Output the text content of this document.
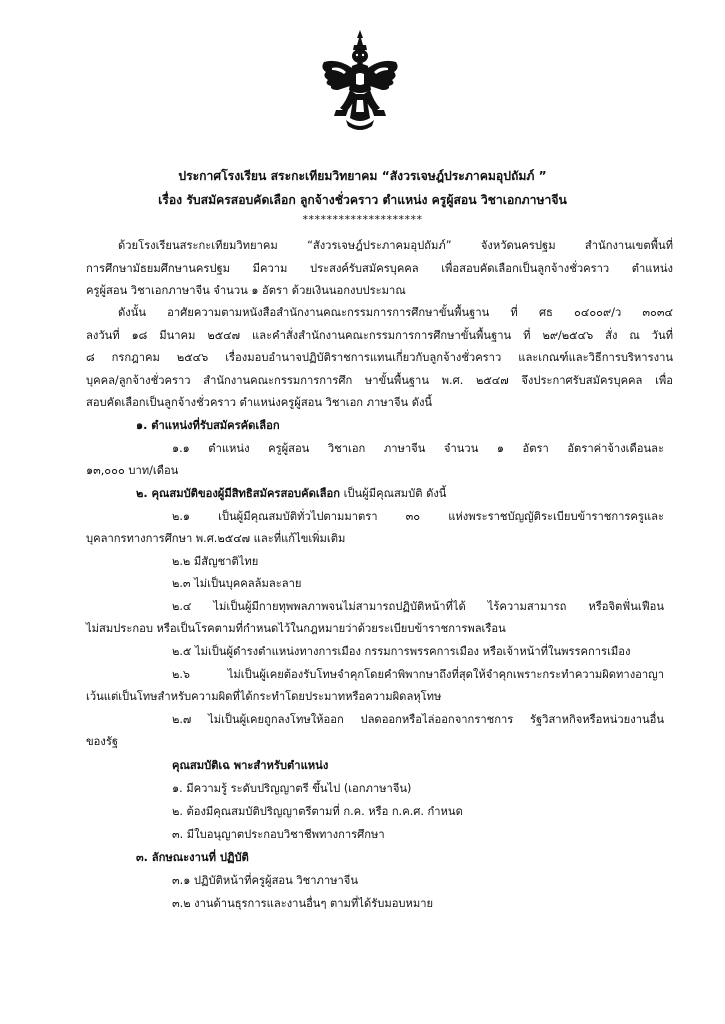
ประกาศโรงเรียน สระกะเทียมวิทยาคม “สังวรเจษฎ์ประภาคมอุปถัมภ์ ”
เรื่อง รับสมัครสอบคัดเลือก ลูกจ้างชั่วคราว ตำแหน่ง ครูผู้สอน วิชาเอกภาษาจีน
********************
ด้วยโรงเรียนสระกะเทียมวิทยาคม “สังวรเจษฎ์ประภาคมอุปถัมภ์” จังหวัดนครปฐม สำนักงานเขตพื้นที่
การศึกษามัธยมศึกษานครปฐม มีความ ประสงค์รับสมัครบุคคล เพื่อสอบคัดเลือกเป็นลูกจ้างชั่วคราว ตำแหน่ง
ครูผู้สอน วิชาเอกภาษาจีน จำนวน ๑ อัตรา ด้วยเงินนอกงบประมาณ
ดังนั้น อาศัยความตามหนังสือสำนักงานคณะกรรมการการศึกษาขั้นพื้นฐาน ที่ ศธ ๐๔๐๐๙/ว ๓๐๓๔
ลงวันที่ ๑๘ มีนาคม ๒๕๔๗ และคำสั่งสำนักงานคณะกรรมการการศึกษาขั้นพื้นฐาน ที่ ๒๙/๒๕๔๖ สั่ง ณ วันที่
๘ กรกฎาคม ๒๕๔๖ เรื่องมอบอำนาจปฏิบัติราชการแทนเกี่ยวกับลูกจ้างชั่วคราว และเกณฑ์และวิธีการบริหารงาน
บุคคล/ลูกจ้างชั่วคราว สำนักงานคณะกรรมการการศึก ษาขั้นพื้นฐาน พ.ศ. ๒๕๔๗ จึงประกาศรับสมัครบุคคล เพื่อ
สอบคัดเลือกเป็นลูกจ้างชั่วคราว ตำแหน่งครูผู้สอน วิชาเอก ภาษาจีน ดังนี้
๑. ตำแหน่งที่รับสมัครคัดเลือก
๑.๑ ตำแหน่ง ครูผู้สอน วิชาเอก ภาษาจีน จำนวน ๑ อัตรา อัตราค่าจ้างเดือนละ
๑๓,๐๐๐ บาท/เดือน
๒. คุณสมบัติของผู้มีสิทธิสมัครสอบคัดเลือก เป็นผู้มีคุณสมบัติ ดังนี้
๒.๑ เป็นผู้มีคุณสมบัติทั่วไปตามมาตรา ๓๐ แห่งพระราชบัญญัติระเบียบข้าราชการครูและ
บุคลากรทางการศึกษา พ.ศ.๒๕๔๗ และที่แก้ไขเพิ่มเติม
๒.๒ มีสัญชาติไทย
๒.๓ ไม่เป็นบุคคลล้มละลาย
๒.๔ ไม่เป็นผู้มีกายทุพพลภาพจนไม่สามารถปฏิบัติหน้าที่ได้ ไร้ความสามารถ หรือจิตฟั่นเฟือน
ไม่สมประกอบ หรือเป็นโรคตามที่กำหนดไว้ในกฎหมายว่าด้วยระเบียบข้าราชการพลเรือน
๒.๕ ไม่เป็นผู้ดำรงตำแหน่งทางการเมือง กรรมการพรรคการเมือง หรือเจ้าหน้าที่ในพรรคการเมือง
๒.๖ ไม่เป็นผู้เคยต้องรับโทษจำคุกโดยคำพิพากษาถึงที่สุดให้จำคุกเพราะกระทำความผิดทางอาญา
เว้นแต่เป็นโทษสำหรับความผิดที่ได้กระทำโดยประมาทหรือความผิดลหุโทษ
๒.๗ ไม่เป็นผู้เคยถูกลงโทษให้ออก ปลดออกหรือไล่ออกจากราชการ รัฐวิสาหกิจหรือหน่วยงานอื่น
ของรัฐ
คุณสมบัติเฉ พาะสำหรับตำแหน่ง
๑. มีความรู้ ระดับปริญญาตรี ขึ้นไป (เอกภาษาจีน)
๒. ต้องมีคุณสมบัติปริญญาตรีตามที่ ก.ค. หรือ ก.ค.ศ. กำหนด
๓. มีใบอนุญาตประกอบวิชาชีพทางการศึกษา
๓. ลักษณะงานที่ ปฏิบัติ
๓.๑ ปฏิบัติหน้าที่ครูผู้สอน วิชาภาษาจีน
๓.๒ งานด้านธุรการและงานอื่นๆ ตามที่ได้รับมอบหมาย
